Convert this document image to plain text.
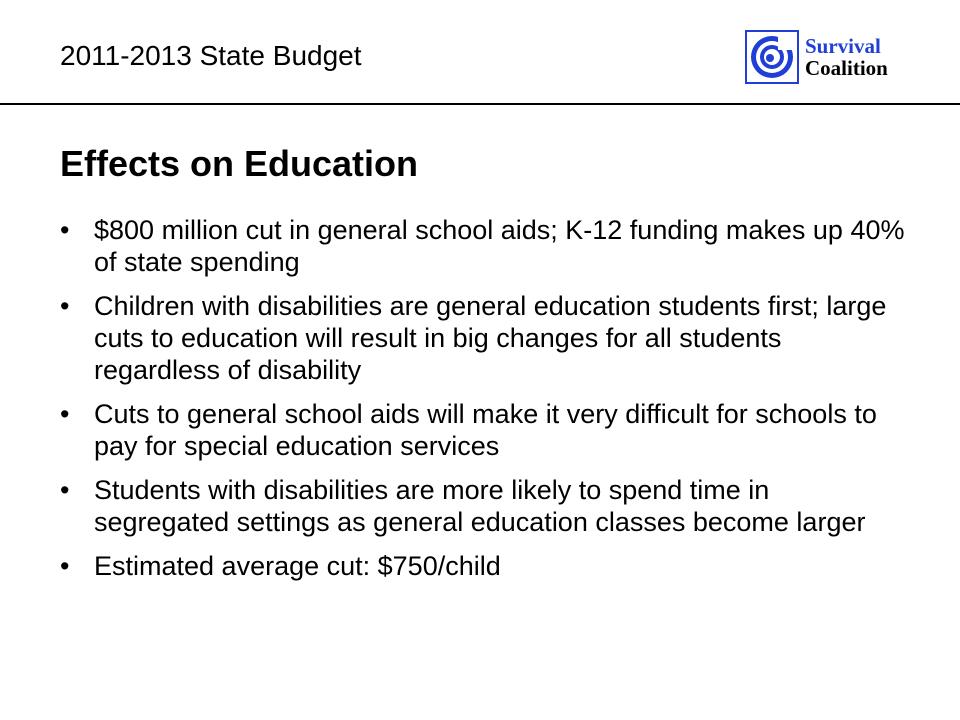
2011-2013 State Budget	Survival
Coalition
Effects on Education
• $800 million cut in general school aids; K-12 funding makes up 40% of state spending
• Children with disabilities are general education students first; large cuts to education will result in big changes for all students regardless of disability
• Cuts to general school aids will make it very difficult for schools to pay for special education services
• Students with disabilities are more likely to spend time in segregated settings as general education classes become larger
• Estimated average cut: $750/child
